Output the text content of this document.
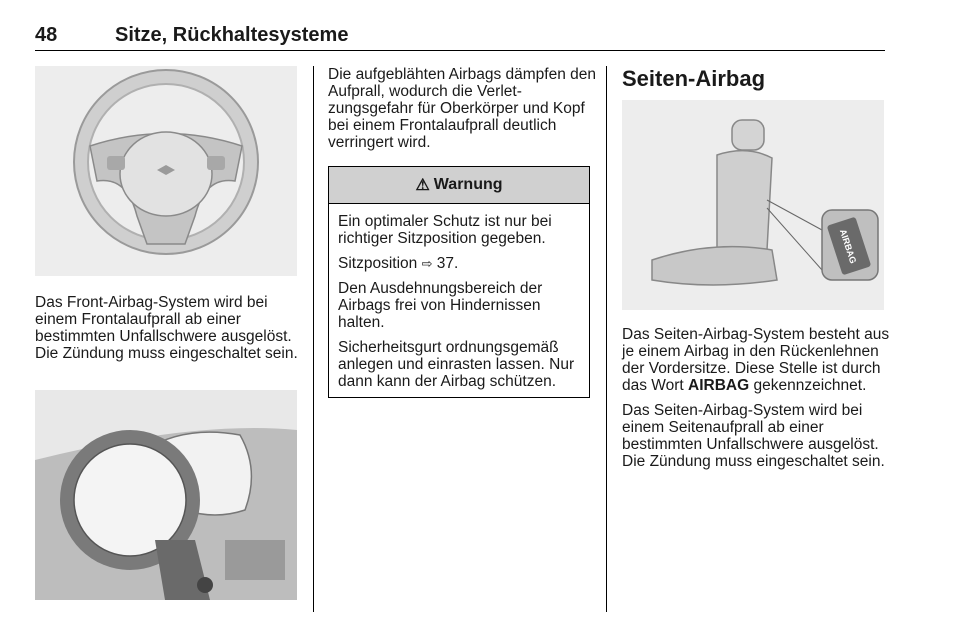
48	Sitze, Rückhaltesysteme

Das Front-Airbag-System wird bei einem Frontalaufprall ab einer bestimmten Unfallschwere ausgelöst. Die Zündung muss eingeschaltet sein.

Die aufgeblähten Airbags dämpfen den Aufprall, wodurch die Verletzungsgefahr für Oberkörper und Kopf bei einem Frontalaufprall deutlich verringert wird.

⚠ Warnung

Ein optimaler Schutz ist nur bei richtiger Sitzposition gegeben.

Sitzposition ⇨ 37.

Den Ausdehnungsbereich der Airbags frei von Hindernissen halten.

Sicherheitsgurt ordnungsgemäß anlegen und einrasten lassen. Nur dann kann der Airbag schützen.

Seiten-Airbag
AIRBAG

Das Seiten-Airbag-System besteht aus je einem Airbag in den Rückenlehnen der Vordersitze. Diese Stelle ist durch das Wort AIRBAG gekennzeichnet.

Das Seiten-Airbag-System wird bei einem Seitenaufprall ab einer bestimmten Unfallschwere ausgelöst. Die Zündung muss eingeschaltet sein.
